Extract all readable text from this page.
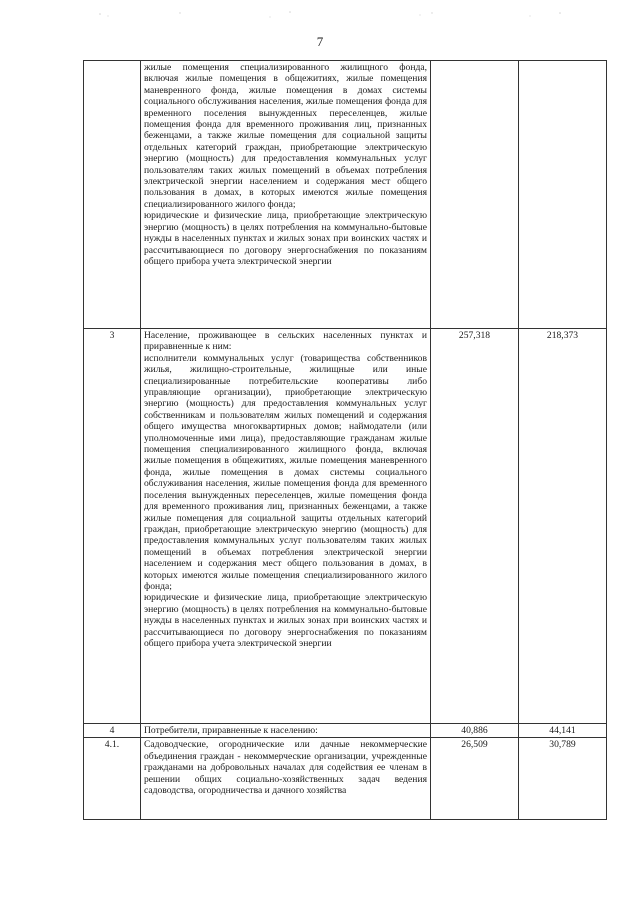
7

	жилые помещения специализированного жилищного фонда, включая жилые помещения в общежитиях, жилые помещения маневренного фонда, жилые помещения в домах системы социального обслуживания населения, жилые помещения фонда для временного поселения вынужденных переселенцев, жилые помещения фонда для временного проживания лиц, признанных беженцами, а также жилые помещения для социальной защиты отдельных категорий граждан, приобретающие электрическую энергию (мощность) для предоставления коммунальных услуг пользователям таких жилых помещений в объемах потребления электрической энергии населением и содержания мест общего пользования в домах, в которых имеются жилые помещения специализированного жилого фонда;
юридические и физические лица, приобретающие электрическую энергию (мощность) в целях потребления на коммунально-бытовые нужды в населенных пунктах и жилых зонах при воинских частях и рассчитывающиеся по договору энергоснабжения по показаниям общего прибора учета электрической энергии		

3	Население, проживающее в сельских населенных пунктах и приравненные к ним:
исполнители коммунальных услуг (товарищества собственников жилья, жилищно-строительные, жилищные или иные специализированные потребительские кооперативы либо управляющие организации), приобретающие электрическую энергию (мощность) для предоставления коммунальных услуг собственникам и пользователям жилых помещений и содержания общего имущества многоквартирных домов; наймодатели (или уполномоченные ими лица), предоставляющие гражданам жилые помещения специализированного жилищного фонда, включая жилые помещения в общежитиях, жилые помещения маневренного фонда, жилые помещения в домах системы социального обслуживания населения, жилые помещения фонда для временного поселения вынужденных переселенцев, жилые помещения фонда для временного проживания лиц, признанных беженцами, а также жилые помещения для социальной защиты отдельных категорий граждан, приобретающие электрическую энергию (мощность) для предоставления коммунальных услуг пользователям таких жилых помещений в объемах потребления электрической энергии населением и содержания мест общего пользования в домах, в которых имеются жилые помещения специализированного жилого фонда;
юридические и физические лица, приобретающие электрическую энергию (мощность) в целях потребления на коммунально-бытовые нужды в населенных пунктах и жилых зонах при воинских частях и рассчитывающиеся по договору энергоснабжения по показаниям общего прибора учета электрической энергии	257,318	218,373
4	Потребители, приравненные к населению:	40,886	44,141
4.1.	Садоводческие, огороднические или дачные некоммерческие объединения граждан - некоммерческие организации, учрежденные гражданами на добровольных началах для содействия ее членам в решении общих социально-хозяйственных задач ведения садоводства, огородничества и дачного хозяйства	26,509	30,789
